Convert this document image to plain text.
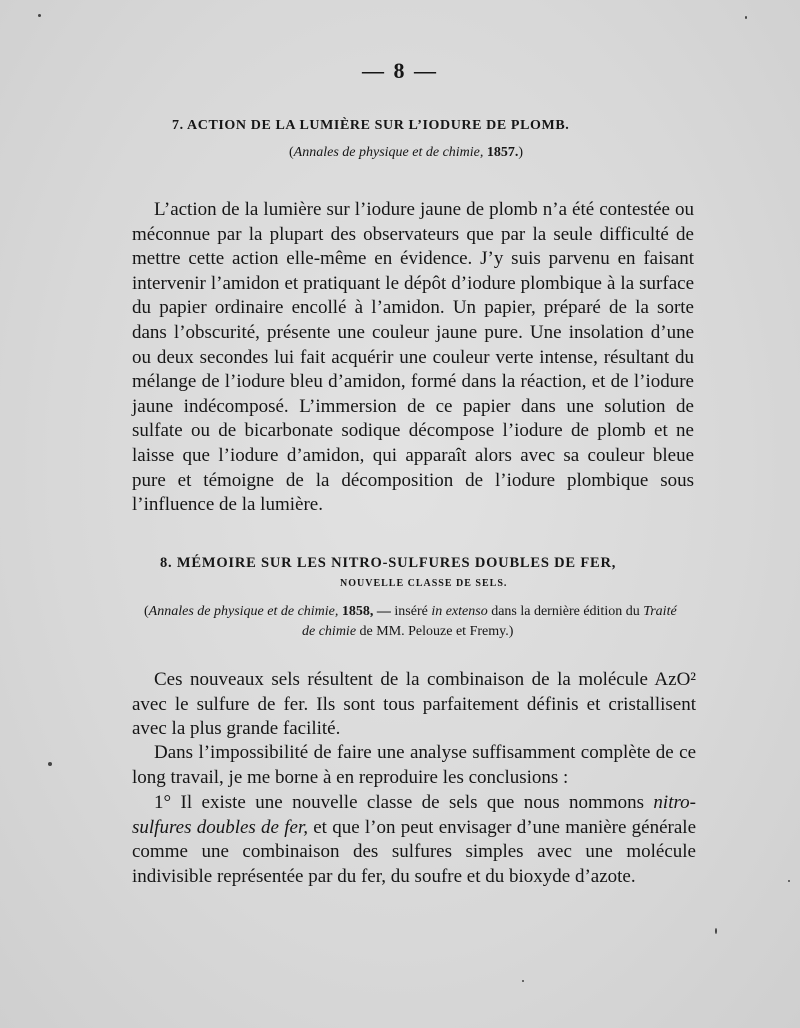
— 8 —
7. ACTION DE LA LUMIÈRE SUR L’IODURE DE PLOMB.
(Annales de physique et de chimie, 1857.)
L’action de la lumière sur l’iodure jaune de plomb n’a été contestée ou méconnue par la plupart des observateurs que par la seule difficulté de mettre cette action elle-même en évidence. J’y suis parvenu en faisant intervenir l’amidon et pratiquant le dépôt d’iodure plombique à la surface du papier ordinaire encollé à l’amidon. Un papier, préparé de la sorte dans l’obscurité, présente une couleur jaune pure. Une insolation d’une ou deux secondes lui fait acquérir une couleur verte intense, résultant du mélange de l’iodure bleu d’amidon, formé dans la réaction, et de l’iodure jaune indécomposé. L’immersion de ce papier dans une solution de sulfate ou de bicarbonate sodique décompose l’iodure de plomb et ne laisse que l’iodure d’amidon, qui apparaît alors avec sa couleur bleue pure et témoigne de la décomposition de l’iodure plombique sous l’influence de la lumière.
8. MÉMOIRE SUR LES NITRO-SULFURES DOUBLES DE FER,
NOUVELLE CLASSE DE SELS.
(Annales de physique et de chimie, 1858, — inséré in extenso dans la dernière édition du Traité
de chimie de MM. Pelouze et Fremy.)
Ces nouveaux sels résultent de la combinaison de la molécule AzO² avec le sulfure de fer. Ils sont tous parfaitement définis et cristallisent avec la plus grande facilité.
Dans l’impossibilité de faire une analyse suffisamment complète de ce long travail, je me borne à en reproduire les conclusions :
1° Il existe une nouvelle classe de sels que nous nommons nitro-sulfures doubles de fer, et que l’on peut envisager d’une manière générale comme une combinaison des sulfures simples avec une molécule indivisible représentée par du fer, du soufre et du bioxyde d’azote.
